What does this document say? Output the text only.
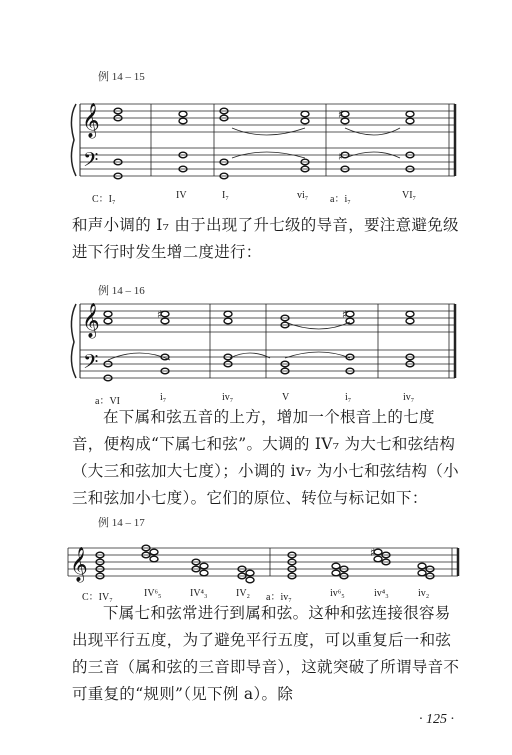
例 14 – 15
例 14 – 16
例 14 – 17
𝄞
𝄢
𝄞
𝄢
𝄞
♯
♯
♯	♯
♯
C：I₇	IV	I₇	vi₇ a：i₇	VI₇
a：VI	i₇	iv₇	V	i₇	iv₇
C：IV₇	IV⁶₅	IV⁴₃	IV₂ a：iv₇	iv⁶₅	iv⁴₃	iv₂
和声小调的 I₇ 由于出现了升七级的导音，要注意避免级进下行时发生增二度进行：
在下属和弦五音的上方，增加一个根音上的七度音，便构成“下属七和弦”。大调的 IV₇ 为大七和弦结构（大三和弦加大七度）；小调的 iv₇ 为小七和弦结构（小三和弦加小七度）。它们的原位、转位与标记如下：
下属七和弦常进行到属和弦。这种和弦连接很容易出现平行五度，为了避免平行五度，可以重复后一和弦的三音（属和弦的三音即导音），这就突破了所谓导音不可重复的“规则”（见下例 a）。除
· 125 ·
